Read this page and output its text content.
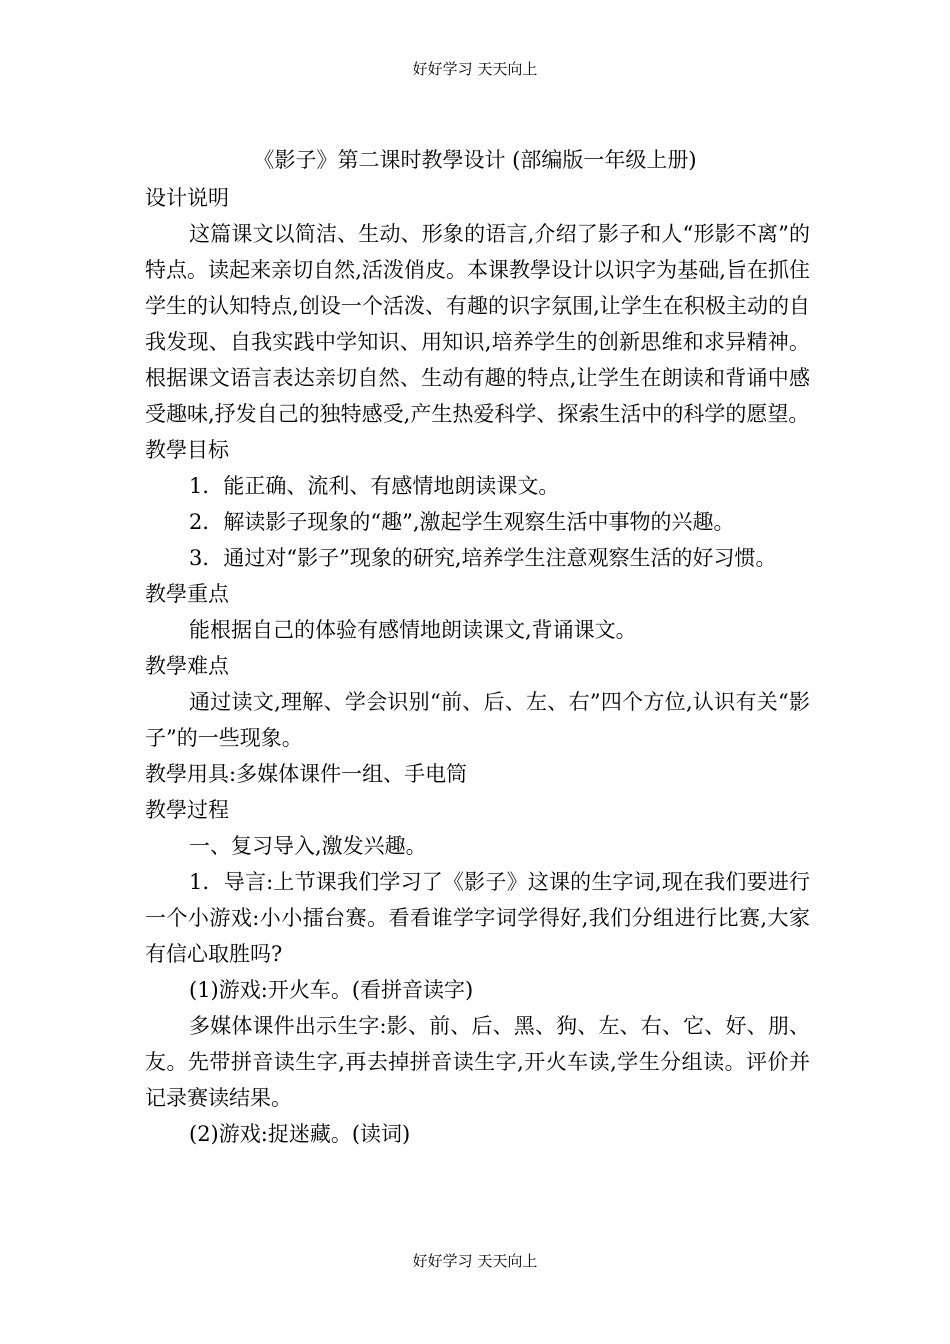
好好学习 天天向上
《影子》第二课时教學设计 (部编版一年级上册)

设计说明

这篇课文以简洁、生动、形象的语言,介绍了影子和人“形影不离”的特点。读起来亲切自然,活泼俏皮。本课教學设计以识字为基础,旨在抓住学生的认知特点,创设一个活泼、有趣的识字氛围,让学生在积极主动的自我发现、自我实践中学知识、用知识,培养学生的创新思维和求异精神。根据课文语言表达亲切自然、生动有趣的特点,让学生在朗读和背诵中感受趣味,抒发自己的独特感受,产生热爱科学、探索生活中的科学的愿望。

教學目标

1．能正确、流利、有感情地朗读课文。

2．解读影子现象的“趣”,激起学生观察生活中事物的兴趣。

3．通过对“影子”现象的研究,培养学生注意观察生活的好习惯。

教學重点

能根据自己的体验有感情地朗读课文,背诵课文。

教學难点

通过读文,理解、学会识别“前、后、左、右”四个方位,认识有关“影子”的一些现象。

教學用具:多媒体课件一组、手电筒

教學过程

一、复习导入,激发兴趣。

1．导言:上节课我们学习了《影子》这课的生字词,现在我们要进行一个小游戏:小小擂台赛。看看谁学字词学得好,我们分组进行比赛,大家有信心取胜吗?

(1)游戏:开火车。(看拼音读字)

多媒体课件出示生字:影、前、后、黑、狗、左、右、它、好、朋、友。先带拼音读生字,再去掉拼音读生字,开火车读,学生分组读。评价并记录赛读结果。

(2)游戏:捉迷藏。(读词)

好好学习 天天向上
